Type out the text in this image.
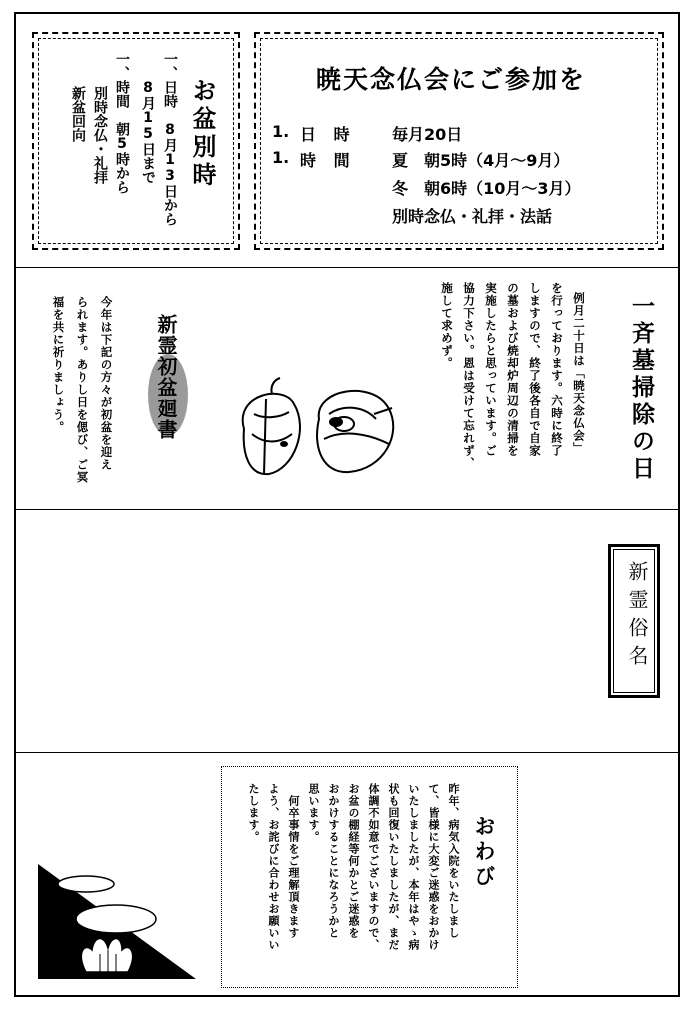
お盆別時
一、日時　8月13日から
　　8月15日まで
一、時間　朝5時から
別時念仏・礼拝
新盆回向
暁天念仏会にご参加を
1. 日 時 毎月20日
1. 時 間 夏　朝5時（4月～9月）
冬　朝6時（10月～3月）
別時念仏・礼拝・法話
一斉墓掃除の日
例月二十日は「暁天念仏会」
を行っております。六時に終了
しますので、終了後各自で自家
の墓および焼却炉周辺の清掃を
実施したらと思っています。ご
協力下さい。恩は受けて忘れず、
施して求めず。
新霊初盆廻書
今年は下記の方々が初盆を迎え
られます。ありし日を偲び、ご冥
福を共に祈りましょう。
新霊俗名
おわび
昨年、病気入院をいたしまし
て、皆様に大変ご迷惑をおかけ
いたしましたが、本年はやゝ病
状も回復いたしましたが、まだ
体調不如意でございますので、
お盆の棚経等何かとご迷惑を
おかけすることになろうかと
思います。
何卒事情をご理解頂きます
よう、お詫びに合わせお願いい
たします。
